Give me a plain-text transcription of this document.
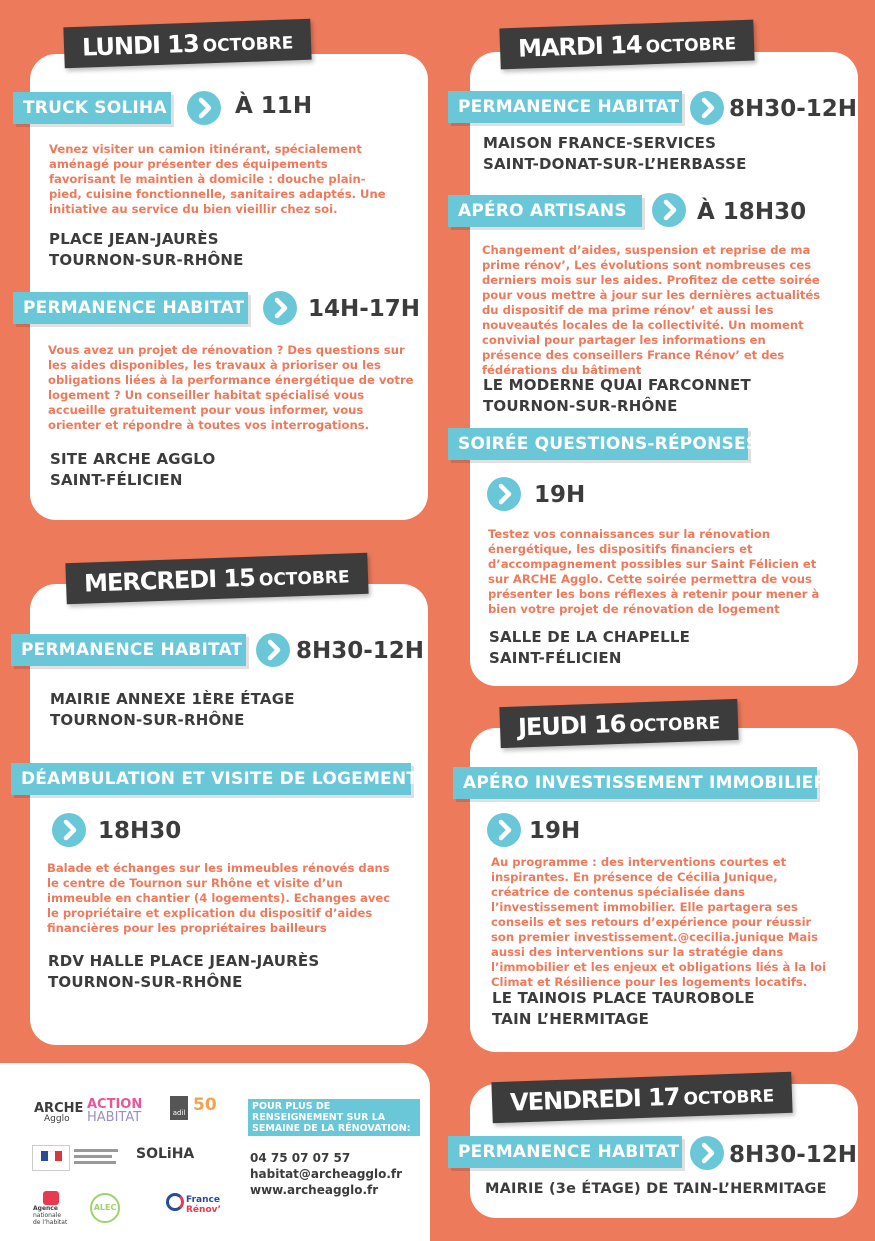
LUNDI 13 OCTOBRE
TRUCK SOLIHA	À 11H
Venez visiter un camion itinérant, spécialement aménagé pour présenter des équipements favorisant le maintien à domicile : douche plain-pied, cuisine fonctionnelle, sanitaires adaptés. Une initiative au service du bien vieillir chez soi.
PLACE JEAN-JAURÈS
TOURNON-SUR-RHÔNE
PERMANENCE HABITAT	14H-17H
Vous avez un projet de rénovation ? Des questions sur les aides disponibles, les travaux à prioriser ou les obligations liées à la performance énergétique de votre logement ? Un conseiller habitat spécialisé vous accueille gratuitement pour vous informer, vous orienter et répondre à toutes vos interrogations.
SITE ARCHE AGGLO
SAINT-FÉLICIEN
MARDI 14 OCTOBRE
PERMANENCE HABITAT 8H30-12H
MAISON FRANCE-SERVICES
SAINT-DONAT-SUR-L’HERBASSE
APÉRO ARTISANS	À 18H30
Changement d’aides, suspension et reprise de ma prime rénov’, Les évolutions sont nombreuses ces derniers mois sur les aides. Profitez de cette soirée pour vous mettre à jour sur les dernières actualités du dispositif de ma prime rénov’ et aussi les nouveautés locales de la collectivité. Un moment convivial pour partager les informations en présence des conseillers France Rénov’ et des fédérations du bâtiment
LE MODERNE QUAI FARCONNET
TOURNON-SUR-RHÔNE
SOIRÉE QUESTIONS-RÉPONSES
19H
Testez vos connaissances sur la rénovation énergétique, les dispositifs financiers et d’accompagnement possibles sur Saint Félicien et sur ARCHE Agglo. Cette soirée permettra de vous présenter les bons réflexes à retenir pour mener à bien votre projet de rénovation de logement
SALLE DE LA CHAPELLE
SAINT-FÉLICIEN
MERCREDI 15 OCTOBRE
PERMANENCE HABITAT 8H30-12H
MAIRIE ANNEXE 1ÈRE ÉTAGE
TOURNON-SUR-RHÔNE
DÉAMBULATION ET VISITE DE LOGEMENT
18H30
Balade et échanges sur les immeubles rénovés dans le centre de Tournon sur Rhône et visite d’un immeuble en chantier (4 logements). Echanges avec le propriétaire et explication du dispositif d’aides financières pour les propriétaires bailleurs
RDV HALLE PLACE JEAN-JAURÈS
TOURNON-SUR-RHÔNE
JEUDI 16 OCTOBRE
APÉRO INVESTISSEMENT IMMOBILIER
19H
Au programme : des interventions courtes et inspirantes. En présence de Cécilia Junique, créatrice de contenus spécialisée dans l’investissement immobilier. Elle partagera ses conseils et ses retours d’expérience pour réussir son premier investissement.@cecilia.junique Mais aussi des interventions sur la stratégie dans l’immobilier et les enjeux et obligations liés à la loi Climat et Résilience pour les logements locatifs.
LE TAINOIS PLACE TAUROBOLE
TAIN L’HERMITAGE
VENDREDI 17 OCTOBRE
PERMANENCE HABITAT 8H30-12H
MAIRIE (3e ÉTAGE) DE TAIN-L’HERMITAGE
ARCHE
Agglo
ACTION
HABITAT	adil 50
SOLiHA
Agence
nationale
de l’habitat
ALEC
France
Rénov’
POUR PLUS DE RENSEIGNEMENT SUR LA SEMAINE DE LA RÉNOVATION:
04 75 07 07 57
habitat@archeagglo.fr
www.archeagglo.fr
